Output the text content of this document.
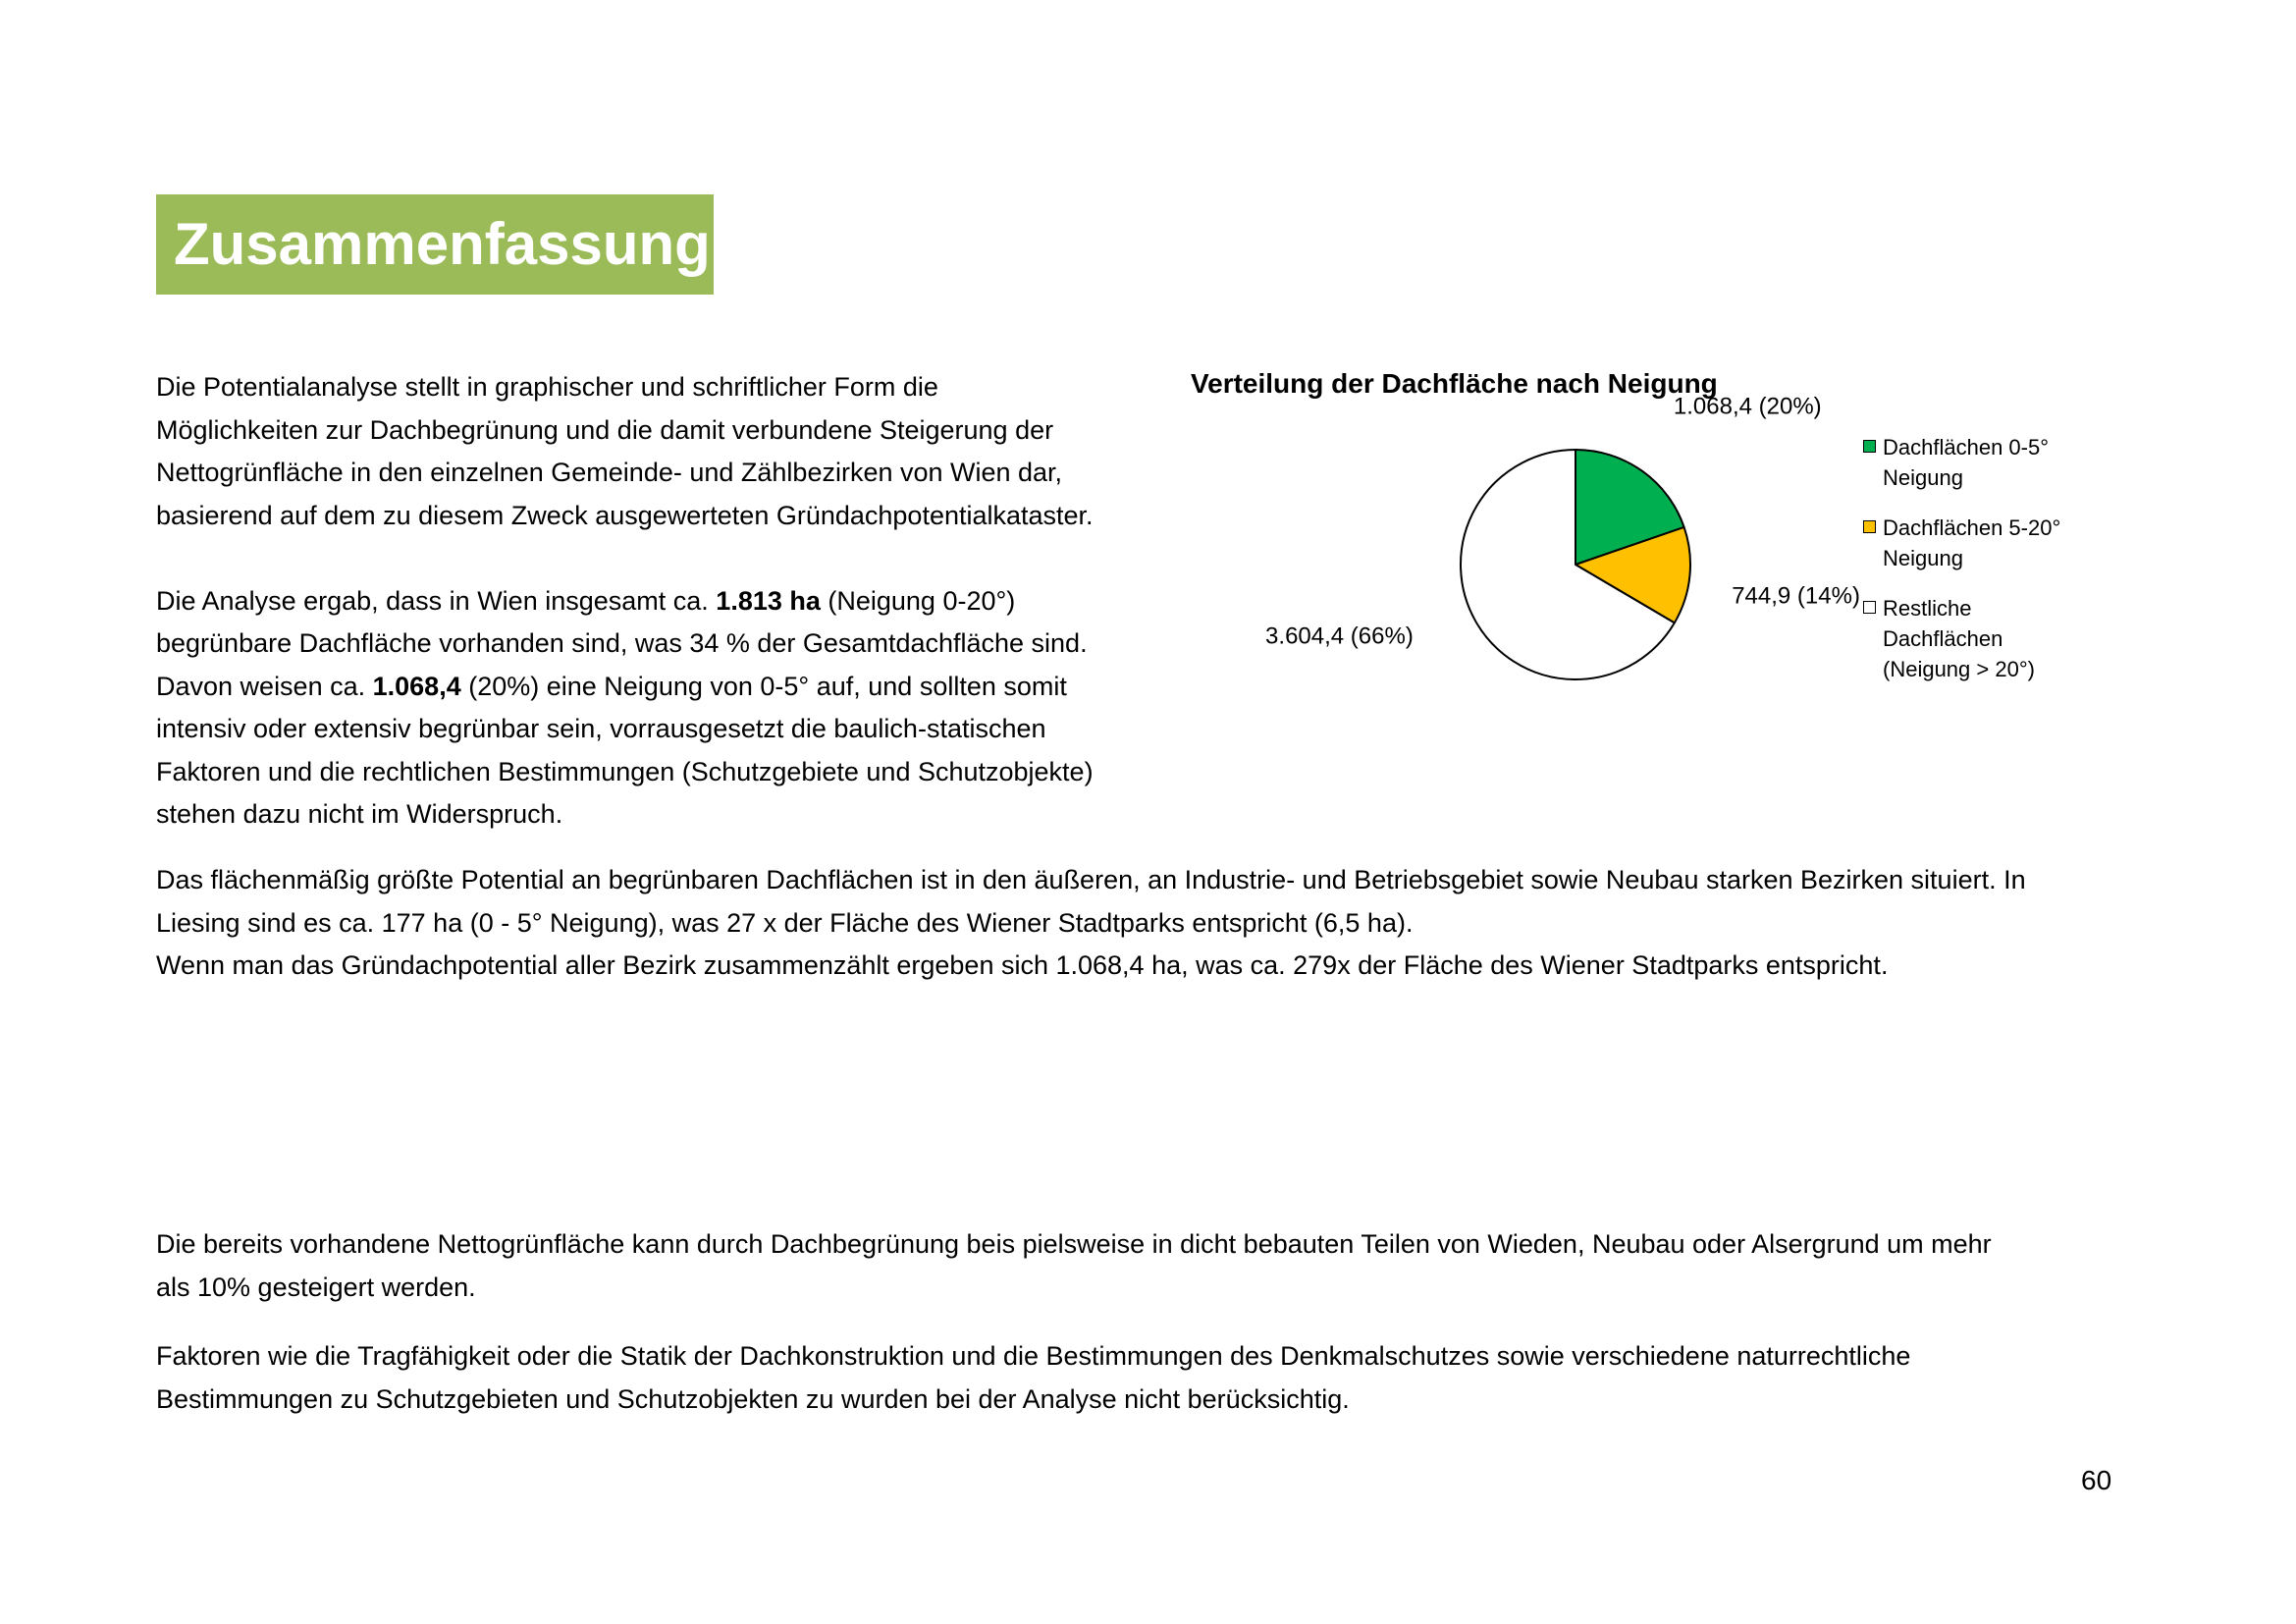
Zusammenfassung

Die Potentialanalyse stellt in graphischer und schriftlicher Form die
Möglichkeiten zur Dachbegrünung und die damit verbundene Steigerung der
Nettogrünfläche in den einzelnen Gemeinde- und Zählbezirken von Wien dar,
basierend auf dem zu diesem Zweck ausgewerteten Gründachpotentialkataster.

Die Analyse ergab, dass in Wien insgesamt ca. 1.813 ha (Neigung 0-20°)
begrünbare Dachfläche vorhanden sind, was 34 % der Gesamtdachfläche sind.
Davon weisen ca. 1.068,4 (20%) eine Neigung von 0-5° auf, und sollten somit
intensiv oder extensiv begrünbar sein, vorrausgesetzt die baulich-statischen
Faktoren und die rechtlichen Bestimmungen (Schutzgebiete und Schutzobjekte)
stehen dazu nicht im Widerspruch.

Verteilung der Dachfläche nach Neigung
1.068,4 (20%)
744,9 (14%)
3.604,4 (66%)
Dachflächen 0-5°
Neigung
Dachflächen 5-20°
Neigung
Restliche
Dachflächen
(Neigung > 20°)

Das flächenmäßig größte Potential an begrünbaren Dachflächen ist in den äußeren, an Industrie- und Betriebsgebiet sowie Neubau starken Bezirken situiert. In
Liesing sind es ca. 177 ha (0 - 5° Neigung), was 27 x der Fläche des Wiener Stadtparks entspricht (6,5 ha).
Wenn man das Gründachpotential aller Bezirk zusammenzählt ergeben sich 1.068,4 ha, was ca. 279x der Fläche des Wiener Stadtparks entspricht.

Die bereits vorhandene Nettogrünfläche kann durch Dachbegrünung beis pielsweise in dicht bebauten Teilen von Wieden, Neubau oder Alsergrund um mehr
als 10% gesteigert werden.

Faktoren wie die Tragfähigkeit oder die Statik der Dachkonstruktion und die Bestimmungen des Denkmalschutzes sowie verschiedene naturrechtliche
Bestimmungen zu Schutzgebieten und Schutzobjekten zu wurden bei der Analyse nicht berücksichtig.

60
